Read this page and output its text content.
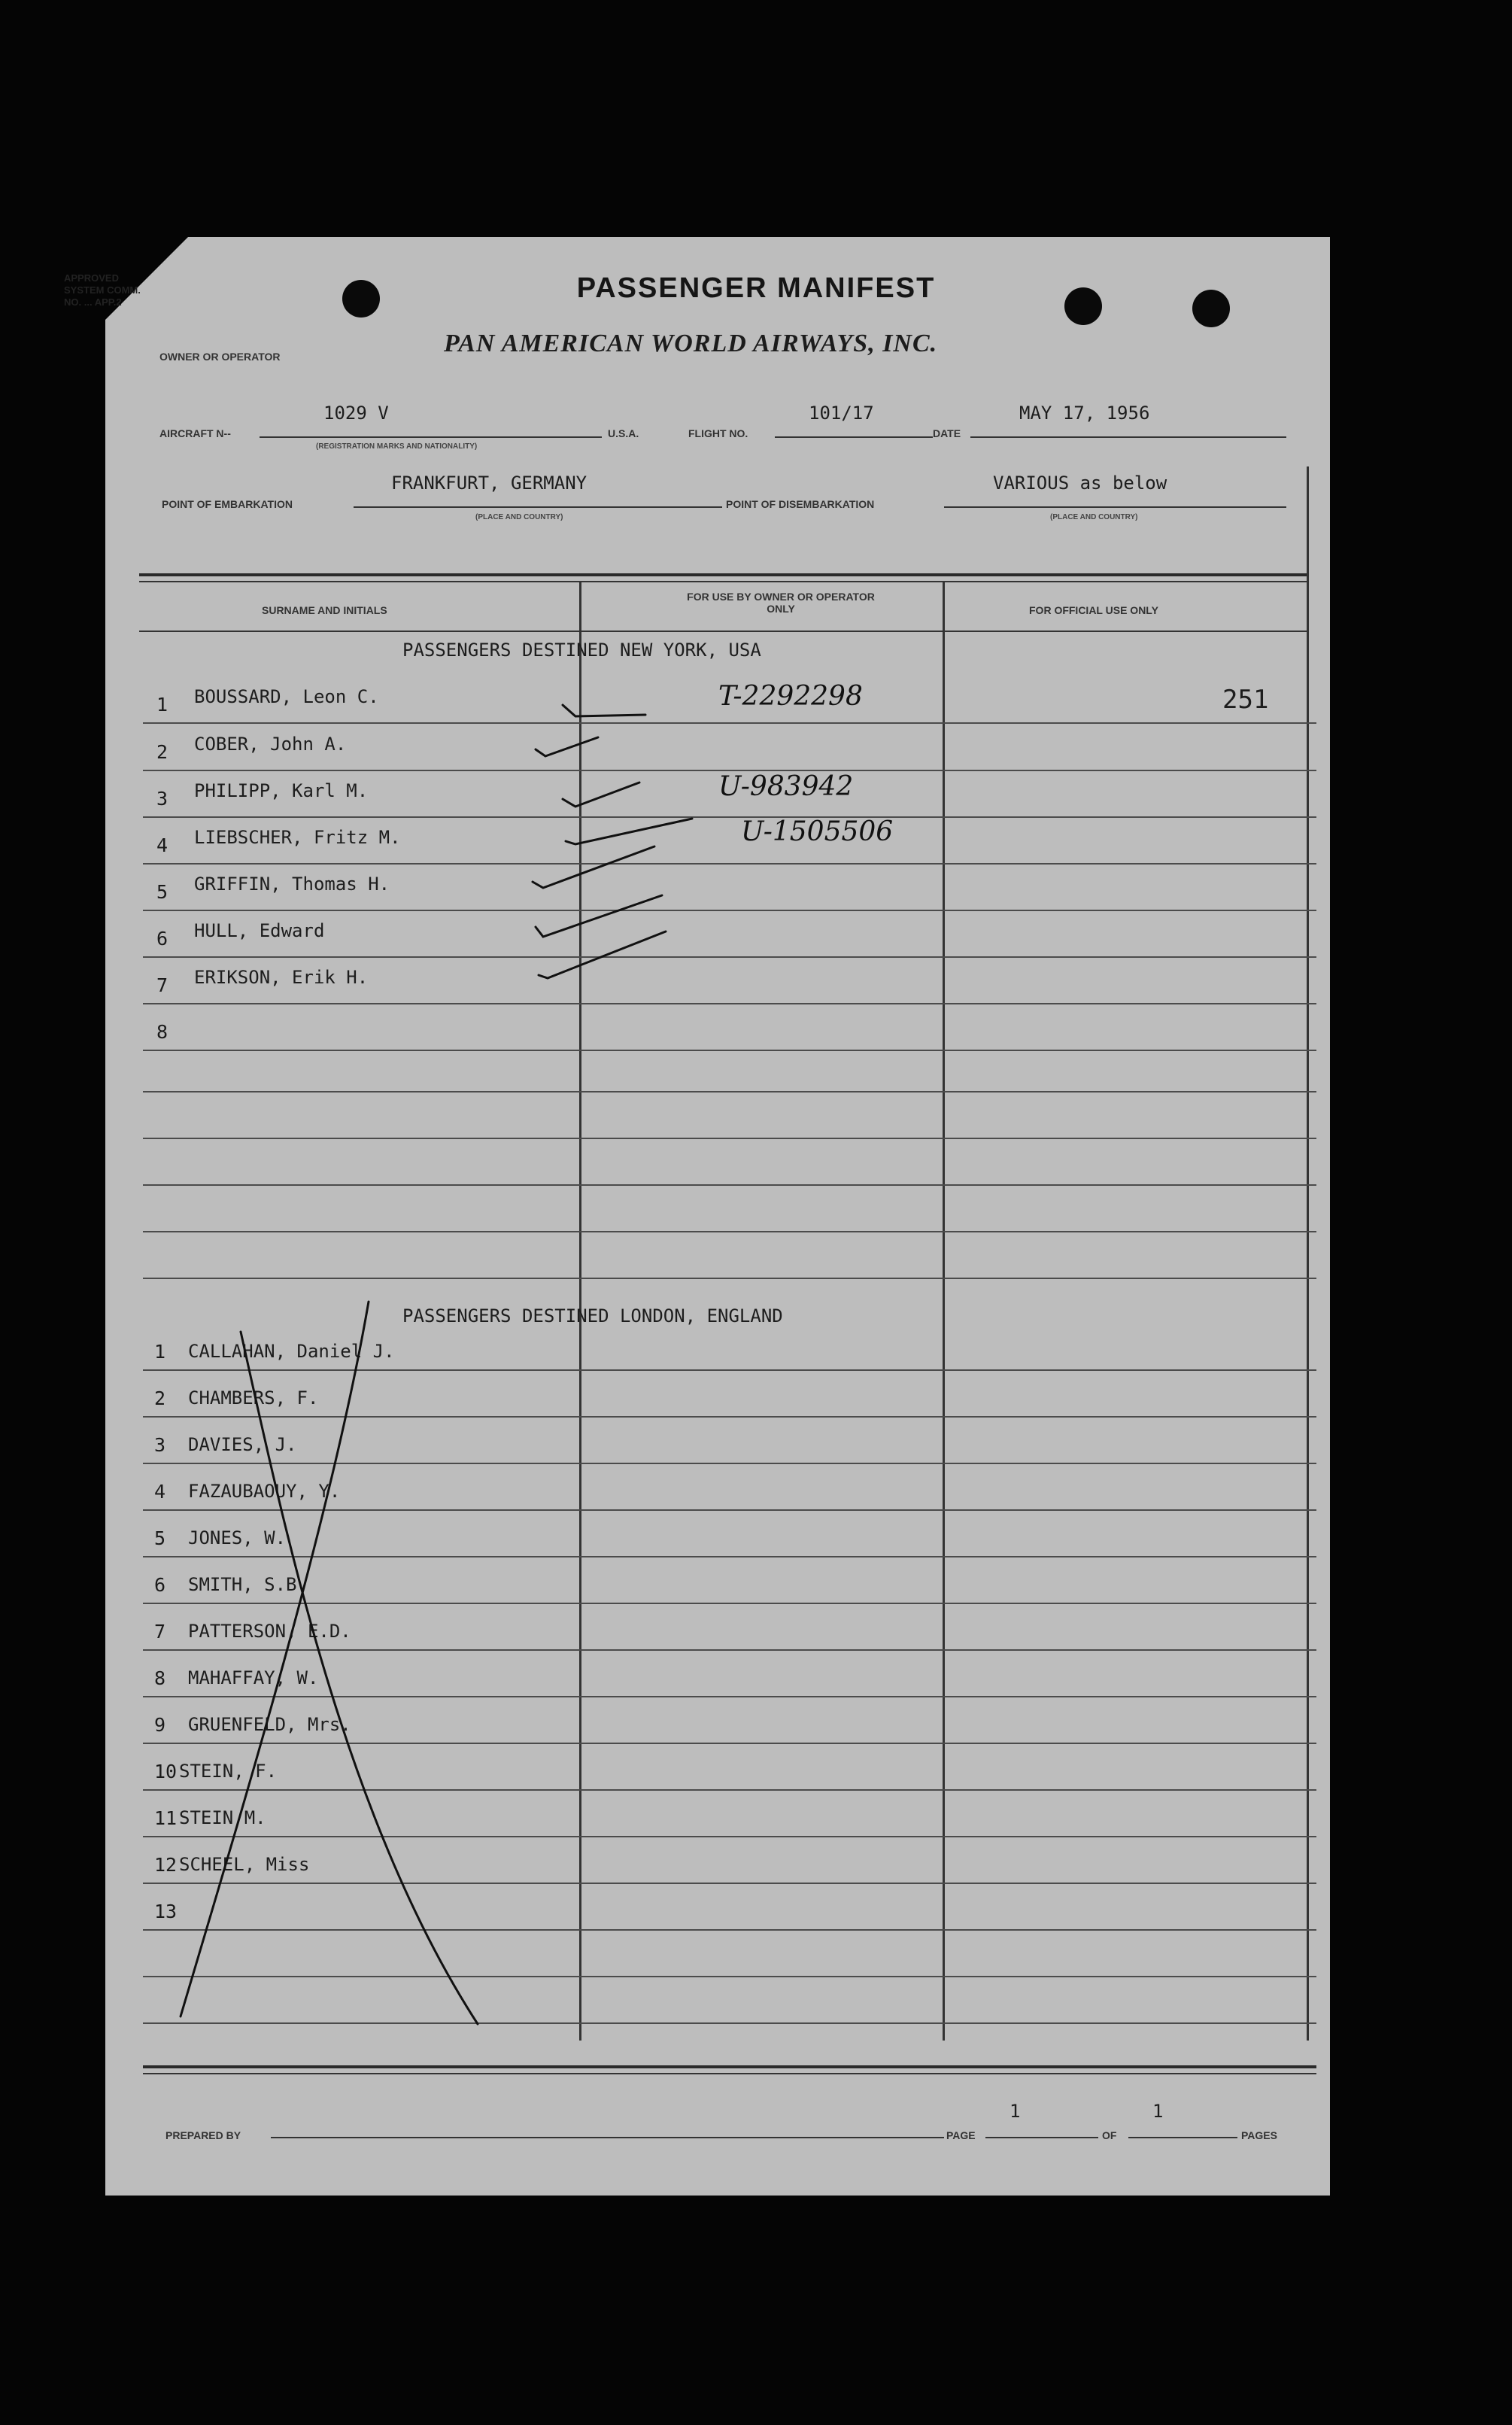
APPROVED
SYSTEM COMM.
NO. ... APP.2	PASSENGER MANIFEST
PAN AMERICAN WORLD AIRWAYS, INC.
OWNER OR OPERATOR
AIRCRAFT N--
1029 V
U.S.A.	FLIGHT NO.
101/17
DATE
MAY 17, 1956
(REGISTRATION MARKS AND NATIONALITY)
POINT OF EMBARKATION
FRANKFURT, GERMANY
POINT OF DISEMBARKATION
VARIOUS as below
(PLACE AND COUNTRY)	(PLACE AND COUNTRY)
SURNAME AND INITIALS
FOR USE BY OWNER OR OPERATOR ONLY	FOR OFFICIAL USE ONLY
PASSENGERS DESTINED NEW YORK, USA
1 BOUSSARD, Leon C.	T-2292298	251
2 COBER, John A.
3 PHILIPP, Karl M.	U-983942
4 LIEBSCHER, Fritz M.	U-1505506
5 GRIFFIN, Thomas H.
6 HULL, Edward
7 ERIKSON, Erik H.
8
PASSENGERS DESTINED LONDON, ENGLAND
1 CALLAHAN, Daniel J.
2 CHAMBERS, F.
3 DAVIES, J.
4 FAZAUBAOUY, Y.
5 JONES, W.
6 SMITH, S.B.
7 PATTERSON, E.D.
8 MAHAFFAY, W.
9 GRUENFELD, Mrs.
10 STEIN, F.
11 STEIN M.
12 SCHEEL, Miss
13
PREPARED BY	PAGE
1
OF
1
PAGES
